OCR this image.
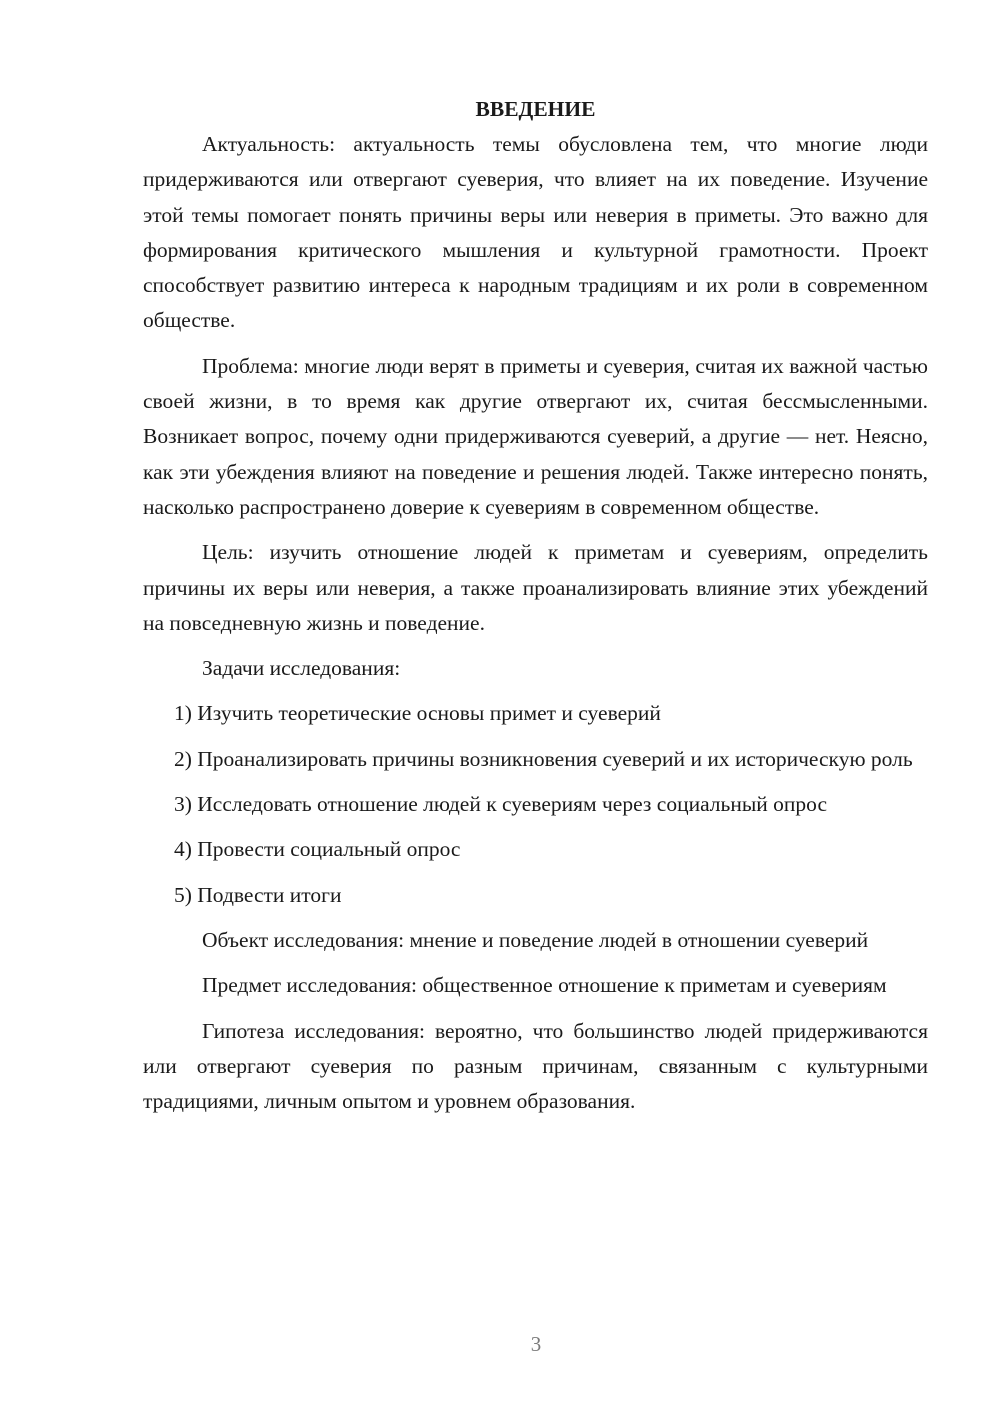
ВВЕДЕНИЕ

Актуальность: актуальность темы обусловлена тем, что многие люди придерживаются или отвергают суеверия, что влияет на их поведение. Изучение этой темы помогает понять причины веры или неверия в приметы. Это важно для формирования критического мышления и культурной грамотности. Проект способствует развитию интереса к народным традициям и их роли в современном обществе.

Проблема: многие люди верят в приметы и суеверия, считая их важной частью своей жизни, в то время как другие отвергают их, считая бессмысленными. Возникает вопрос, почему одни придерживаются суеверий, а другие — нет. Неясно, как эти убеждения влияют на поведение и решения людей. Также интересно понять, насколько распространено доверие к суевериям в современном обществе.

Цель: изучить отношение людей к приметам и суевериям, определить причины их веры или неверия, а также проанализировать влияние этих убеждений на повседневную жизнь и поведение.

Задачи исследования:

1) Изучить теоретические основы примет и суеверий

2) Проанализировать причины возникновения суеверий и их историческую роль

3) Исследовать отношение людей к суевериям через социальный опрос

4) Провести социальный опрос

5) Подвести итоги

Объект исследования: мнение и поведение людей в отношении суеверий

Предмет исследования: общественное отношение к приметам и суевериям

Гипотеза исследования: вероятно, что большинство людей придерживаются или отвергают суеверия по разным причинам, связанным с культурными традициями, личным опытом и уровнем образования.

3
